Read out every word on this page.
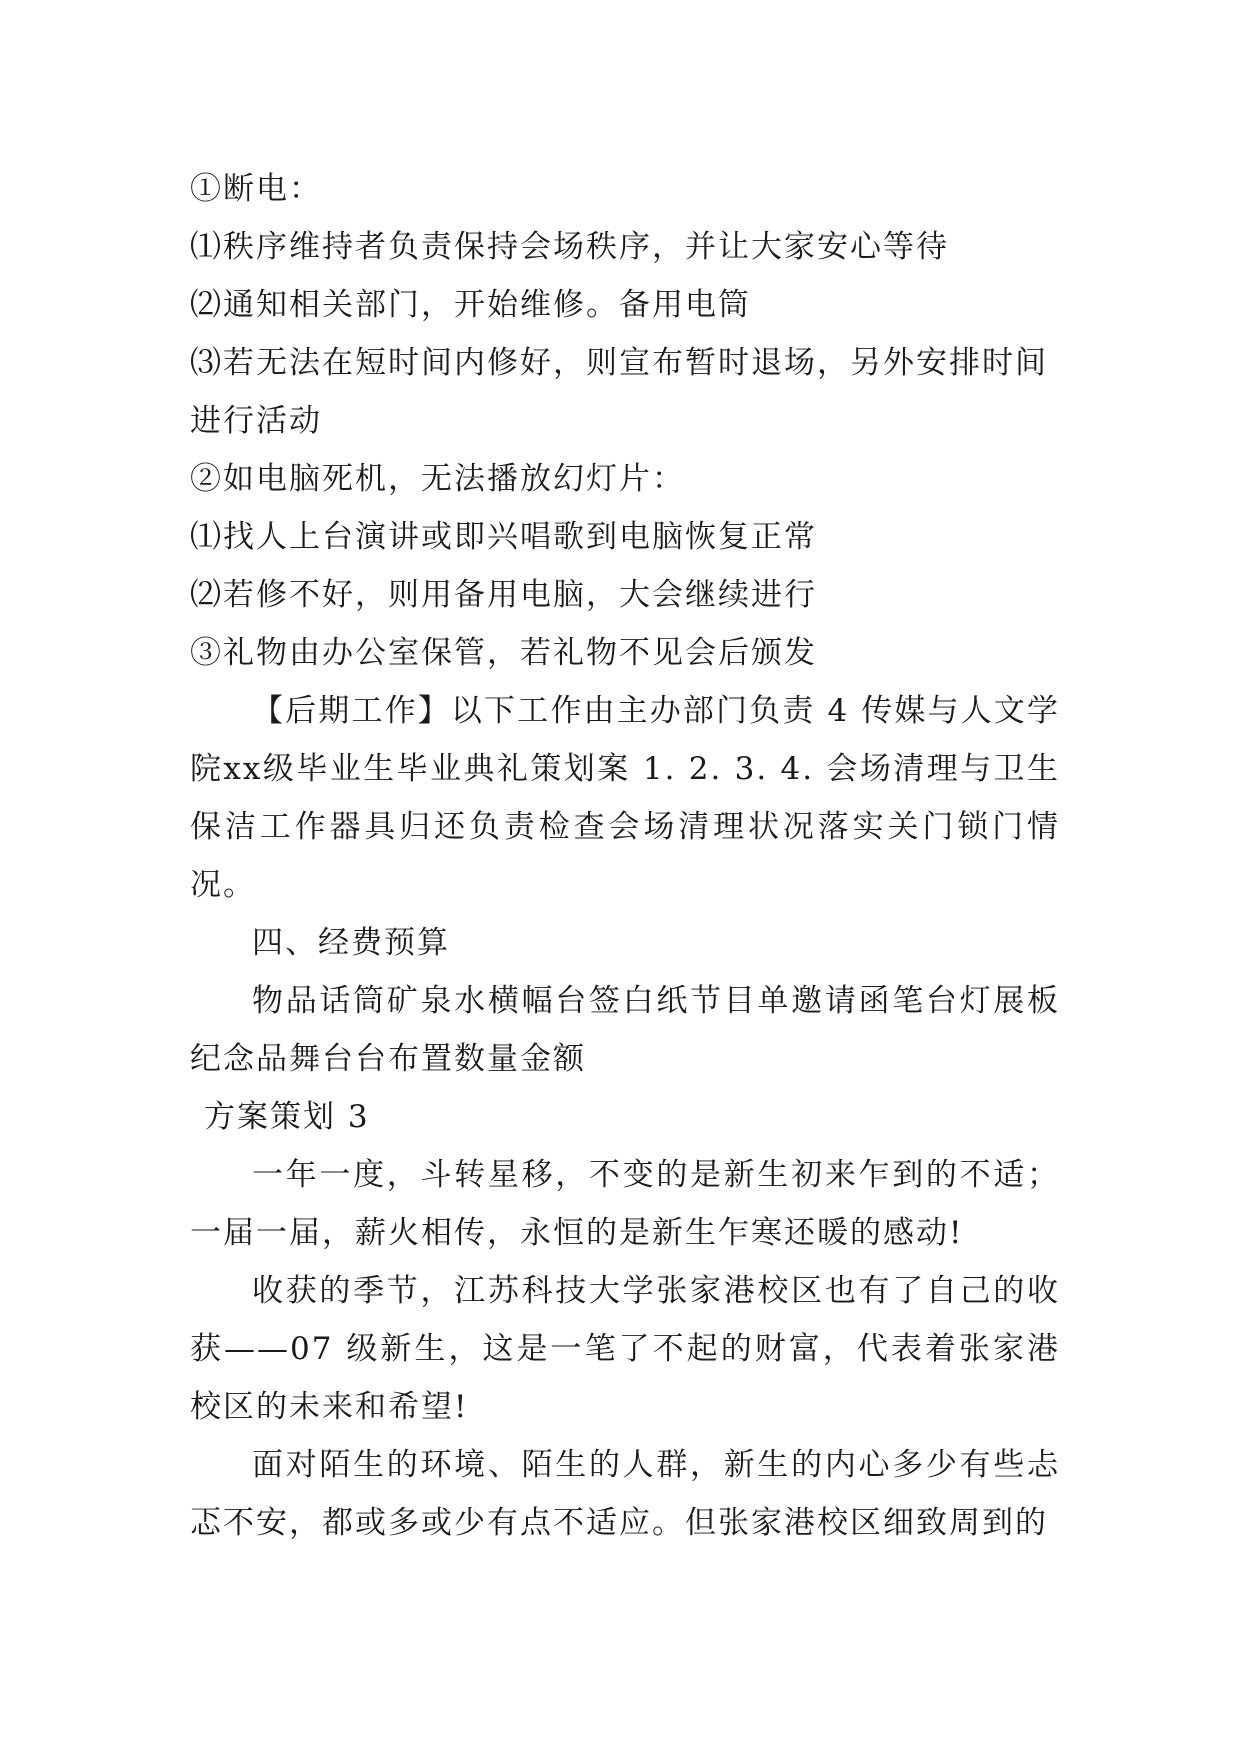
①断电：

⑴秩序维持者负责保持会场秩序，并让大家安心等待

⑵通知相关部门，开始维修。备用电筒

⑶若无法在短时间内修好，则宣布暂时退场，另外安排时间

进行活动

②如电脑死机，无法播放幻灯片：

⑴找人上台演讲或即兴唱歌到电脑恢复正常

⑵若修不好，则用备用电脑，大会继续进行

③礼物由办公室保管，若礼物不见会后颁发

【后期工作】以下工作由主办部门负责 4 传媒与人文学院xx级毕业生毕业典礼策划案 1. 2. 3. 4. 会场清理与卫生保洁工作器具归还负责检查会场清理状况落实关门锁门情况。

四、经费预算

物品话筒矿泉水横幅台签白纸节目单邀请函笔台灯展板纪念品舞台台布置数量金额

方案策划 3

一年一度，斗转星移，不变的是新生初来乍到的不适；一届一届，薪火相传，永恒的是新生乍寒还暖的感动!

收获的季节，江苏科技大学张家港校区也有了自己的收获——07 级新生，这是一笔了不起的财富，代表着张家港校区的未来和希望!

面对陌生的环境、陌生的人群，新生的内心多少有些忐忑不安，都或多或少有点不适应。但张家港校区细致周到的
